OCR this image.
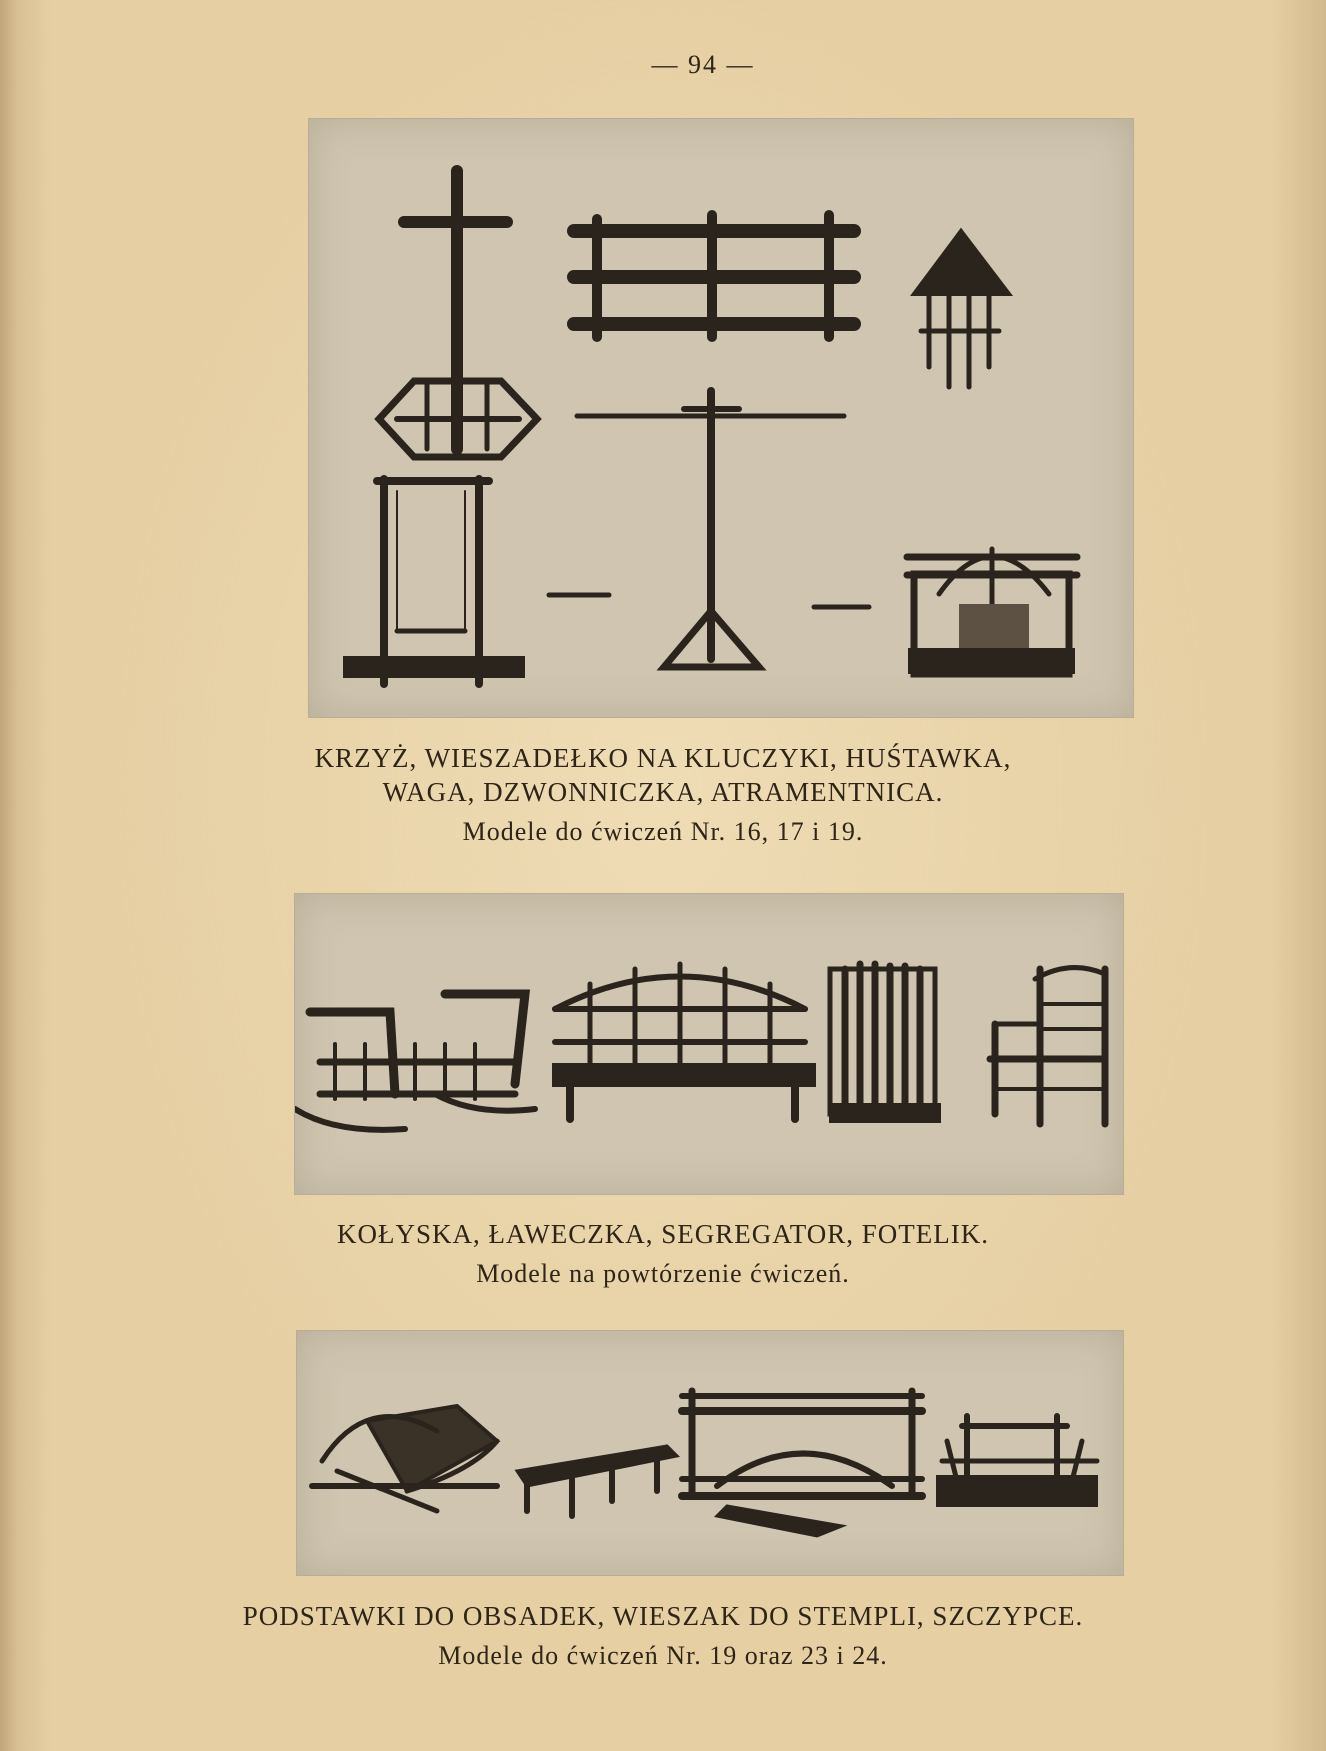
— 94 —
KRZYŻ, WIESZADEŁKO NA KLUCZYKI, HUŚTAWKA,
WAGA, DZWONNICZKA, ATRAMENTNICA.
Modele do ćwiczeń Nr. 16, 17 i 19.
KOŁYSKA, ŁAWECZKA, SEGREGATOR, FOTELIK.
Modele na powtórzenie ćwiczeń.
PODSTAWKI DO OBSADEK, WIESZAK DO STEMPLI, SZCZYPCE.
Modele do ćwiczeń Nr. 19 oraz 23 i 24.
